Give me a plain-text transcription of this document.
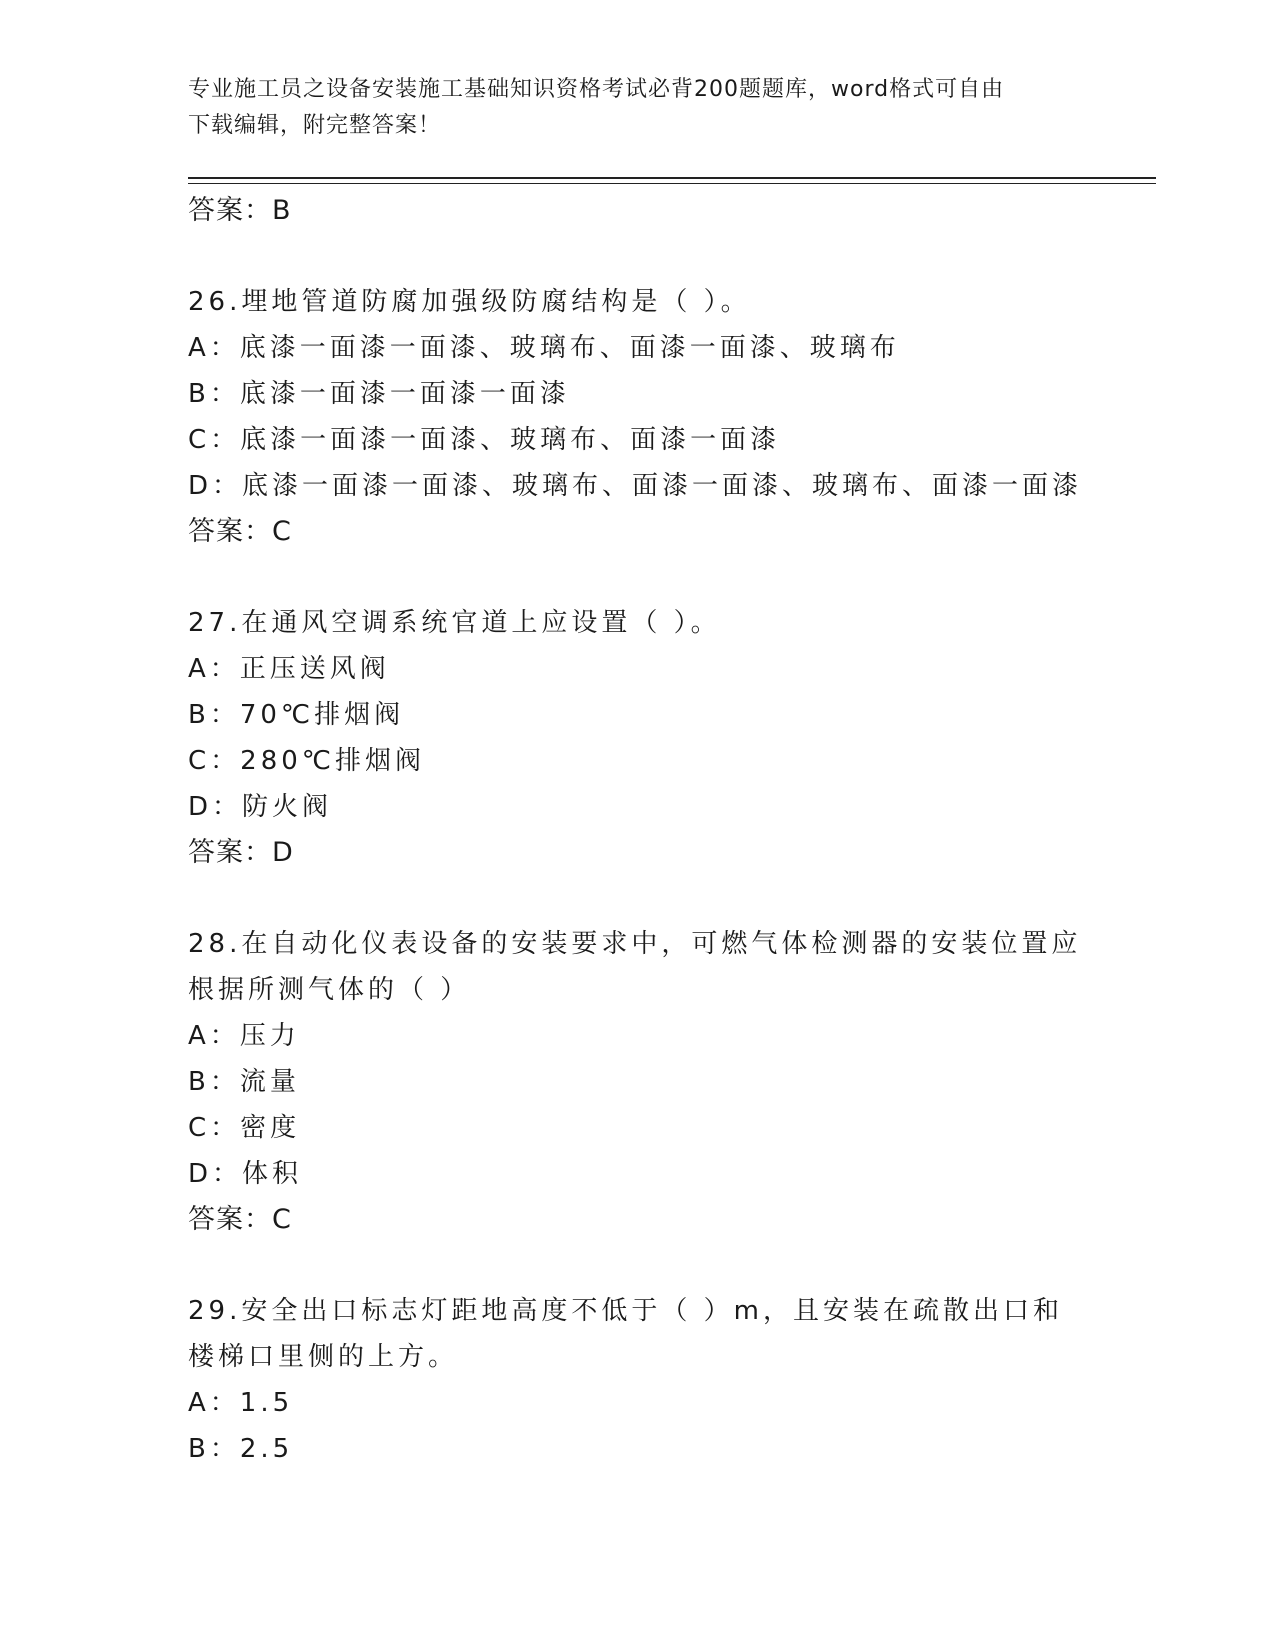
专业施工员之设备安装施工基础知识资格考试必背200题题库，word格式可自由
下载编辑，附完整答案！
答案：B
26.埋地管道防腐加强级防腐结构是（ ）。
A：底漆一面漆一面漆、玻璃布、面漆一面漆、玻璃布
B：底漆一面漆一面漆一面漆
C：底漆一面漆一面漆、玻璃布、面漆一面漆
D：底漆一面漆一面漆、玻璃布、面漆一面漆、玻璃布、面漆一面漆
答案：C
27.在通风空调系统官道上应设置（ ）。
A：正压送风阀
B：70℃排烟阀
C：280℃排烟阀
D：防火阀
答案：D
28.在自动化仪表设备的安装要求中，可燃气体检测器的安装位置应根据所测气体的（ ）
A：压力
B：流量
C：密度
D：体积
答案：C
29.安全出口标志灯距地高度不低于（ ）m，且安装在疏散出口和楼梯口里侧的上方。
A：1.5
B：2.5
